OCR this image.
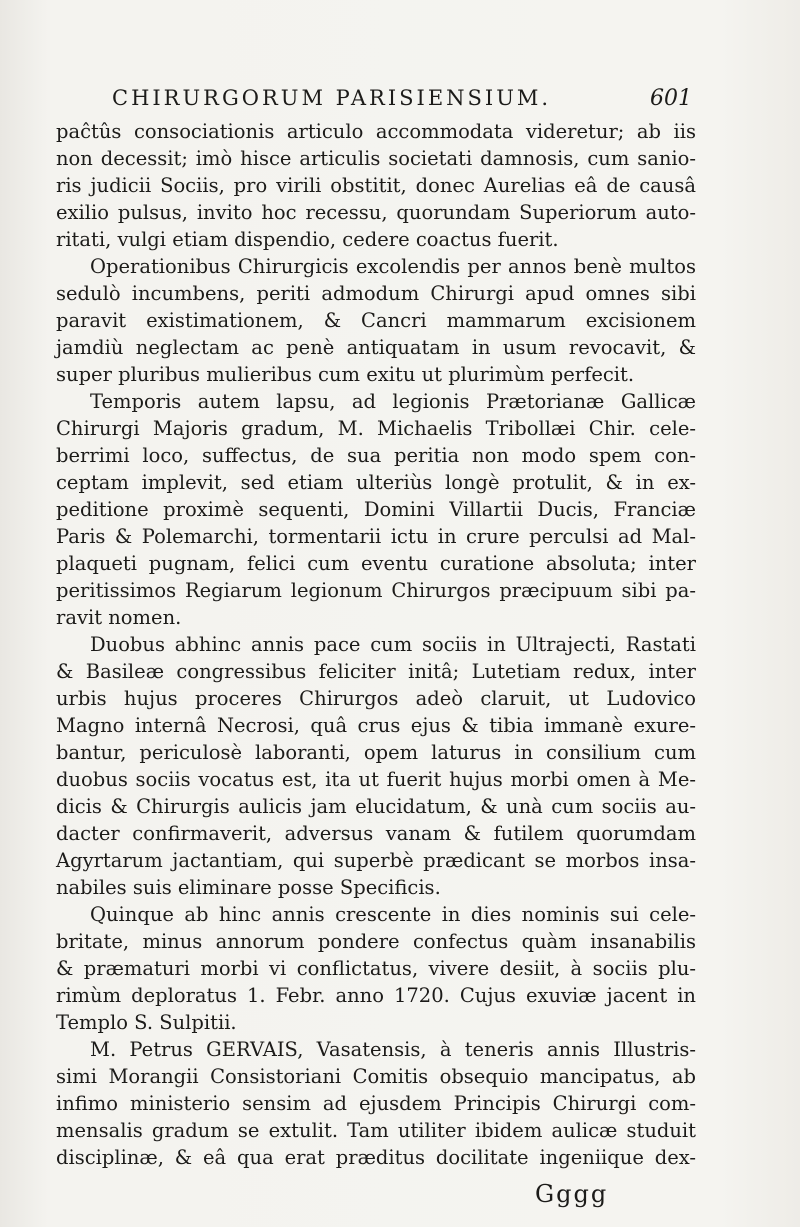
CHIRURGORUM PARISIENSIUM.	601
paĉtûs consociationis articulo accommodata videretur; ab iis
non decessit; imò hisce articulis societati damnosis, cum sanio-
ris judicii Sociis, pro virili obstitit, donec Aurelias eâ de causâ
exilio pulsus, invito hoc recessu, quorundam Superiorum auto-
ritati, vulgi etiam dispendio, cedere coactus fuerit.
Operationibus Chirurgicis excolendis per annos benè multos
sedulò incumbens, periti admodum Chirurgi apud omnes sibi
paravit existimationem, & Cancri mammarum excisionem
jamdiù neglectam ac penè antiquatam in usum revocavit, &
super pluribus mulieribus cum exitu ut plurimùm perfecit.
Temporis autem lapsu, ad legionis Prætorianæ Gallicæ
Chirurgi Majoris gradum, M. Michaelis Tribollæi Chir. cele-
berrimi loco, suffectus, de sua peritia non modo spem con-
ceptam implevit, sed etiam ulteriùs longè protulit, & in ex-
peditione proximè sequenti, Domini Villartii Ducis, Franciæ
Paris & Polemarchi, tormentarii ictu in crure perculsi ad Mal-
plaqueti pugnam, felici cum eventu curatione absoluta; inter
peritissimos Regiarum legionum Chirurgos præcipuum sibi pa-
ravit nomen.
Duobus abhinc annis pace cum sociis in Ultrajecti, Rastati
& Basileæ congressibus feliciter initâ; Lutetiam redux, inter
urbis hujus proceres Chirurgos adeò claruit, ut Ludovico
Magno internâ Necrosi, quâ crus ejus & tibia immanè exure-
bantur, periculosè laboranti, opem laturus in consilium cum
duobus sociis vocatus est, ita ut fuerit hujus morbi omen à Me-
dicis & Chirurgis aulicis jam elucidatum, & unà cum sociis au-
dacter confirmaverit, adversus vanam & futilem quorumdam
Agyrtarum jactantiam, qui superbè prædicant se morbos insa-
nabiles suis eliminare posse Specificis.
Quinque ab hinc annis crescente in dies nominis sui cele-
britate, minus annorum pondere confectus quàm insanabilis
& præmaturi morbi vi conflictatus, vivere desiit, à sociis plu-
rimùm deploratus 1. Febr. anno 1720. Cujus exuviæ jacent in
Templo S. Sulpitii.
M. Petrus GERVAIS, Vasatensis, à teneris annis Illustris-
simi Morangii Consistoriani Comitis obsequio mancipatus, ab
infimo ministerio sensim ad ejusdem Principis Chirurgi com-
mensalis gradum se extulit. Tam utiliter ibidem aulicæ studuit
disciplinæ, & eâ qua erat præditus docilitate ingeniique dex-
Gggg
